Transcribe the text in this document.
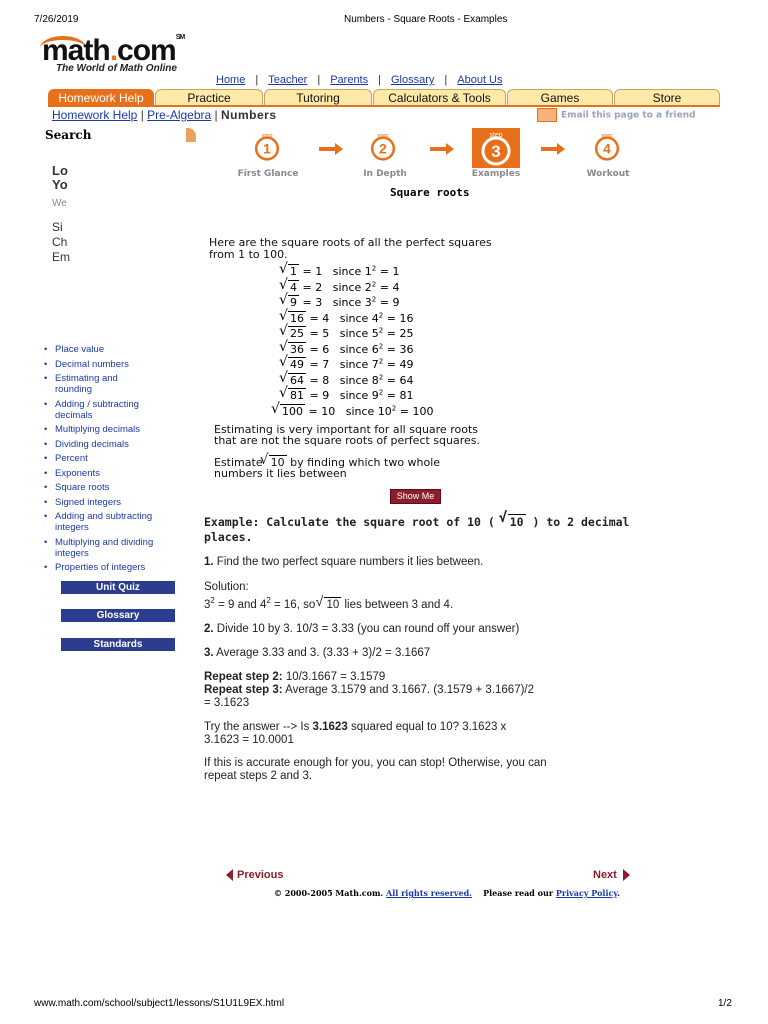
7/26/2019	Numbers - Square Roots - Examples
math.com℠
The World of Math Online
Home | Teacher | Parents | Glossary | About Us
Homework Help	Practice	Tutoring	Calculators & Tools	Games	Store
Homework Help | Pre-Algebra | Numbers	Email this page to a friend
Search
Lo
Yo
We
Si
Ch
Em
1
step
First Glance
2
step
In Depth
3
step
Examples
4
step
Workout
Square roots
Here are the square roots of all the perfect squares
from 1 to 100.
√ 1 = 1   since $1^2 = 1$
√ 4 = 2   since $2^2 = 4$
√ 9 = 3   since $3^2 = 9$
√ 16 = 4   since $4^2 = 16$
√ 25 = 5   since $5^2 = 25$
√ 36 = 6   since $6^2 = 36$
√ 49 = 7   since $7^2 = 49$
√ 64 = 8   since $8^2 = 64$
√ 81 = 9   since $9^2 = 81$
√ 100 = 10   since $10^2 = 100$
Estimating is very important for all square roots
that are not the square roots of perfect squares.
Estimate √ 10 by finding which two whole
numbers it lies between
Show Me
• Place value
• Decimal numbers
• Estimating and rounding
• Adding / subtracting decimals
• Multiplying decimals
• Dividing decimals
• Percent
• Exponents
• Square roots
• Signed integers
• Adding and subtracting integers
• Multiplying and dividing integers
• Properties of integers
Unit Quiz
Glossary
Standards
Example: Calculate the square root of 10 ( √ 10 ) to 2 decimal
places.
1. Find the two perfect square numbers it lies between.
Solution:
$3^2 = 9$ and $4^2 = 16$, so √ 10 lies between 3 and 4.
2. Divide 10 by 3. 10/3 = 3.33 (you can round off your answer)
3. Average 3.33 and 3. (3.33 + 3)/2 = 3.1667
Repeat step 2: 10/3.1667 = 3.1579
Repeat step 3: Average 3.1579 and 3.1667. (3.1579 + 3.1667)/2
= 3.1623
Try the answer --> Is 3.1623 squared equal to 10? 3.1623 x
3.1623 = 10.0001
If this is accurate enough for you, you can stop! Otherwise, you can
repeat steps 2 and 3.
Previous	Next
© 2000-2005 Math.com. All rights reserved. Please read our Privacy Policy.
www.math.com/school/subject1/lessons/S1U1L9EX.html	1/2
